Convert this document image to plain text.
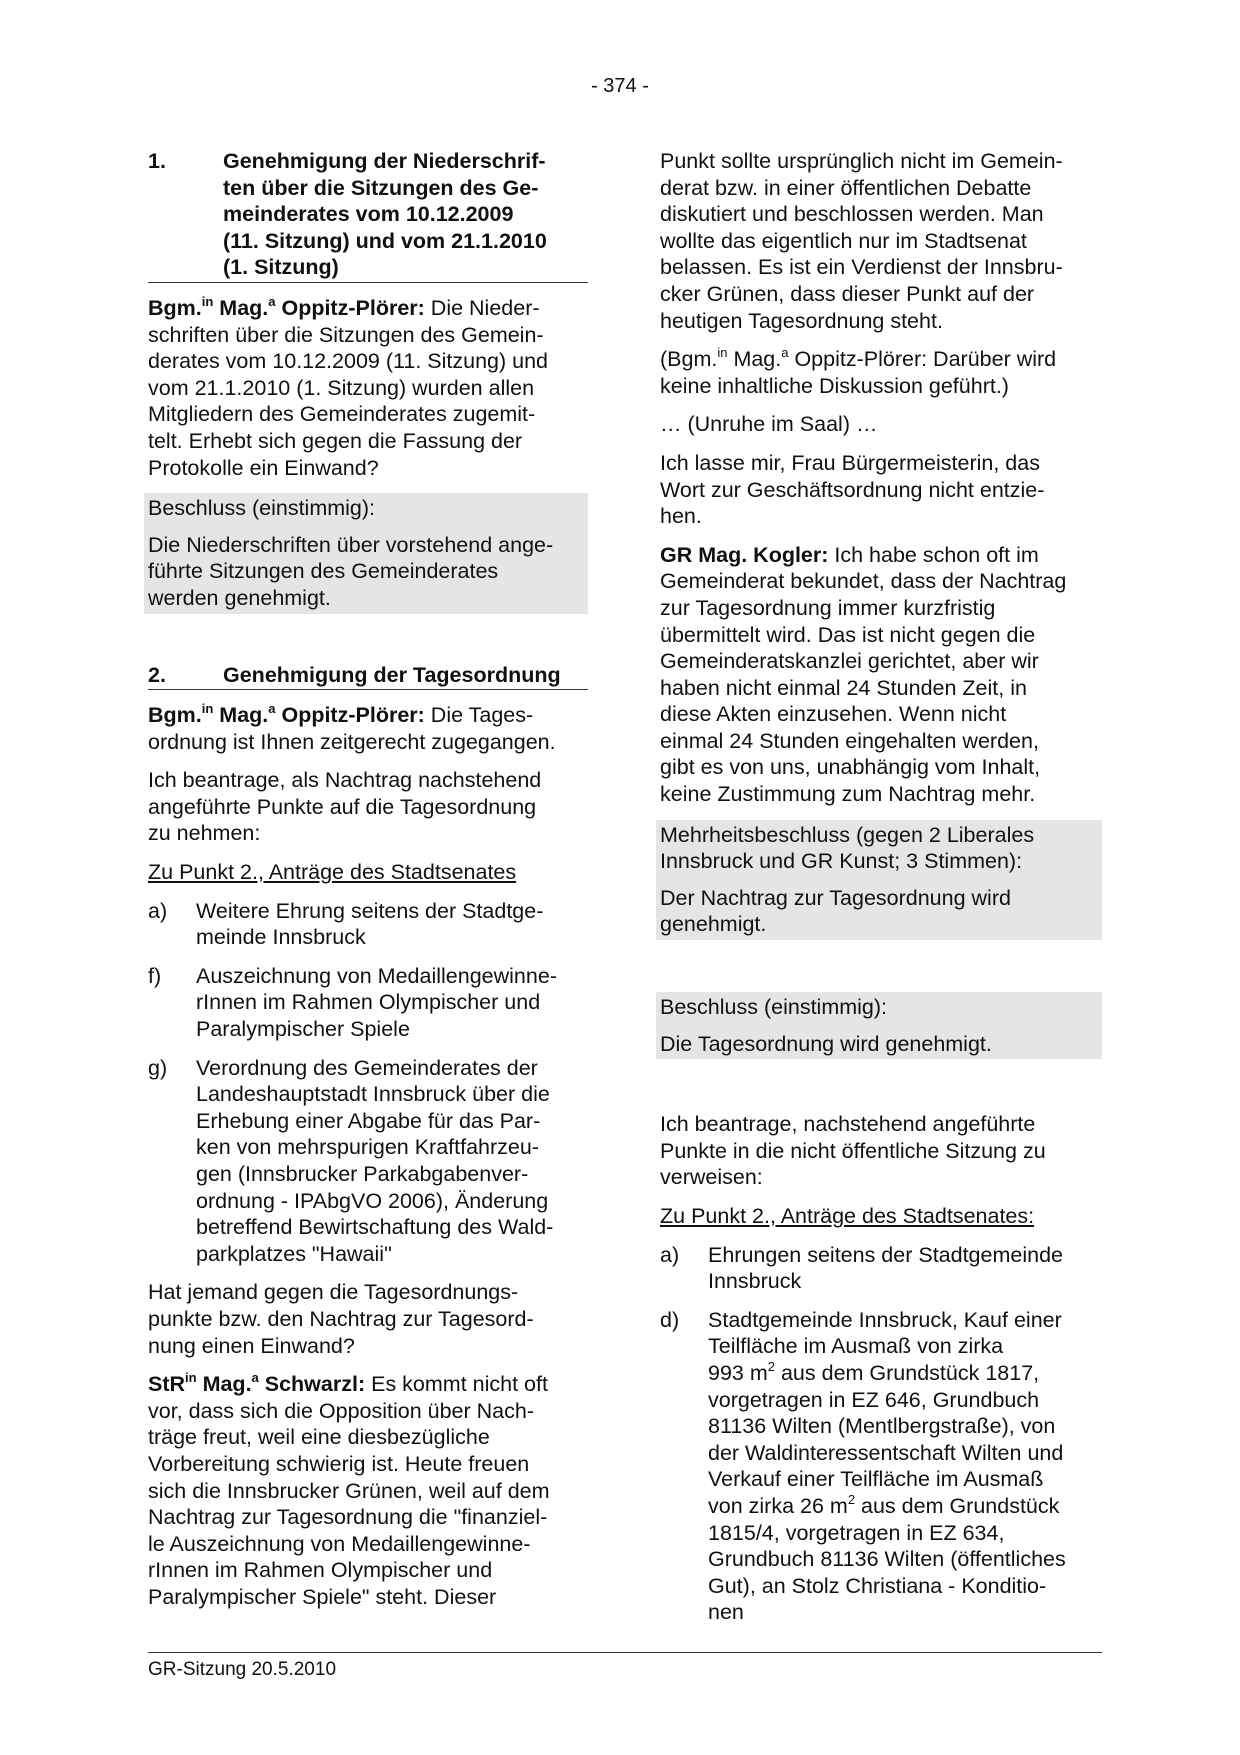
- 374 -
1.	Genehmigung der Niederschrif-
ten über die Sitzungen des Ge-
meinderates vom 10.12.2009
(11. Sitzung) und vom 21.1.2010
(1. Sitzung)

Bgm.$^{in}$ Mag.$^a$ Oppitz-Plörer: Die Nieder-
schriften über die Sitzungen des Gemein-
derates vom 10.12.2009 (11. Sitzung) und
vom 21.1.2010 (1. Sitzung) wurden allen
Mitgliedern des Gemeinderates zugemit-
telt. Erhebt sich gegen die Fassung der
Protokolle ein Einwand?

Beschluss (einstimmig):

Die Niederschriften über vorstehend ange-
führte Sitzungen des Gemeinderates
werden genehmigt.

2.	Genehmigung der Tagesordnung

Bgm.$^{in}$ Mag.$^a$ Oppitz-Plörer: Die Tages-
ordnung ist Ihnen zeitgerecht zugegangen.

Ich beantrage, als Nachtrag nachstehend
angeführte Punkte auf die Tagesordnung
zu nehmen:

Zu Punkt 2., Anträge des Stadtsenates

a)	Weitere Ehrung seitens der Stadtge-
meinde Innsbruck
f)	Auszeichnung von Medaillengewinne-
rInnen im Rahmen Olympischer und
Paralympischer Spiele
g)	Verordnung des Gemeinderates der
Landeshauptstadt Innsbruck über die
Erhebung einer Abgabe für das Par-
ken von mehrspurigen Kraftfahrzeu-
gen (Innsbrucker Parkabgabenver-
ordnung - IPAbgVO 2006), Änderung
betreffend Bewirtschaftung des Wald-
parkplatzes "Hawaii"

Hat jemand gegen die Tagesordnungs-
punkte bzw. den Nachtrag zur Tagesord-
nung einen Einwand?

StR$^{in}$ Mag.$^a$ Schwarzl: Es kommt nicht oft
vor, dass sich die Opposition über Nach-
träge freut, weil eine diesbezügliche
Vorbereitung schwierig ist. Heute freuen
sich die Innsbrucker Grünen, weil auf dem
Nachtrag zur Tagesordnung die "finanziel-
le Auszeichnung von Medaillengewinne-
rInnen im Rahmen Olympischer und
Paralympischer Spiele" steht. Dieser

Punkt sollte ursprünglich nicht im Gemein-
derat bzw. in einer öffentlichen Debatte
diskutiert und beschlossen werden. Man
wollte das eigentlich nur im Stadtsenat
belassen. Es ist ein Verdienst der Innsbru-
cker Grünen, dass dieser Punkt auf der
heutigen Tagesordnung steht.

(Bgm.$^{in}$ Mag.$^a$ Oppitz-Plörer: Darüber wird
keine inhaltliche Diskussion geführt.)

… (Unruhe im Saal) …

Ich lasse mir, Frau Bürgermeisterin, das
Wort zur Geschäftsordnung nicht entzie-
hen.

GR Mag. Kogler: Ich habe schon oft im
Gemeinderat bekundet, dass der Nachtrag
zur Tagesordnung immer kurzfristig
übermittelt wird. Das ist nicht gegen die
Gemeinderatskanzlei gerichtet, aber wir
haben nicht einmal 24 Stunden Zeit, in
diese Akten einzusehen. Wenn nicht
einmal 24 Stunden eingehalten werden,
gibt es von uns, unabhängig vom Inhalt,
keine Zustimmung zum Nachtrag mehr.

Mehrheitsbeschluss (gegen 2 Liberales
Innsbruck und GR Kunst; 3 Stimmen):

Der Nachtrag zur Tagesordnung wird
genehmigt.

Beschluss (einstimmig):

Die Tagesordnung wird genehmigt.

Ich beantrage, nachstehend angeführte
Punkte in die nicht öffentliche Sitzung zu
verweisen:

Zu Punkt 2., Anträge des Stadtsenates:

a)	Ehrungen seitens der Stadtgemeinde
Innsbruck
d)	Stadtgemeinde Innsbruck, Kauf einer
Teilfläche im Ausmaß von zirka
993 $m^2$ aus dem Grundstück 1817,
vorgetragen in EZ 646, Grundbuch
81136 Wilten (Mentlbergstraße), von
der Waldinteressentschaft Wilten und
Verkauf einer Teilfläche im Ausmaß
von zirka 26 $m^2$ aus dem Grundstück
1815/4, vorgetragen in EZ 634,
Grundbuch 81136 Wilten (öffentliches
Gut), an Stolz Christiana - Konditio-
nen
GR-Sitzung 20.5.2010
